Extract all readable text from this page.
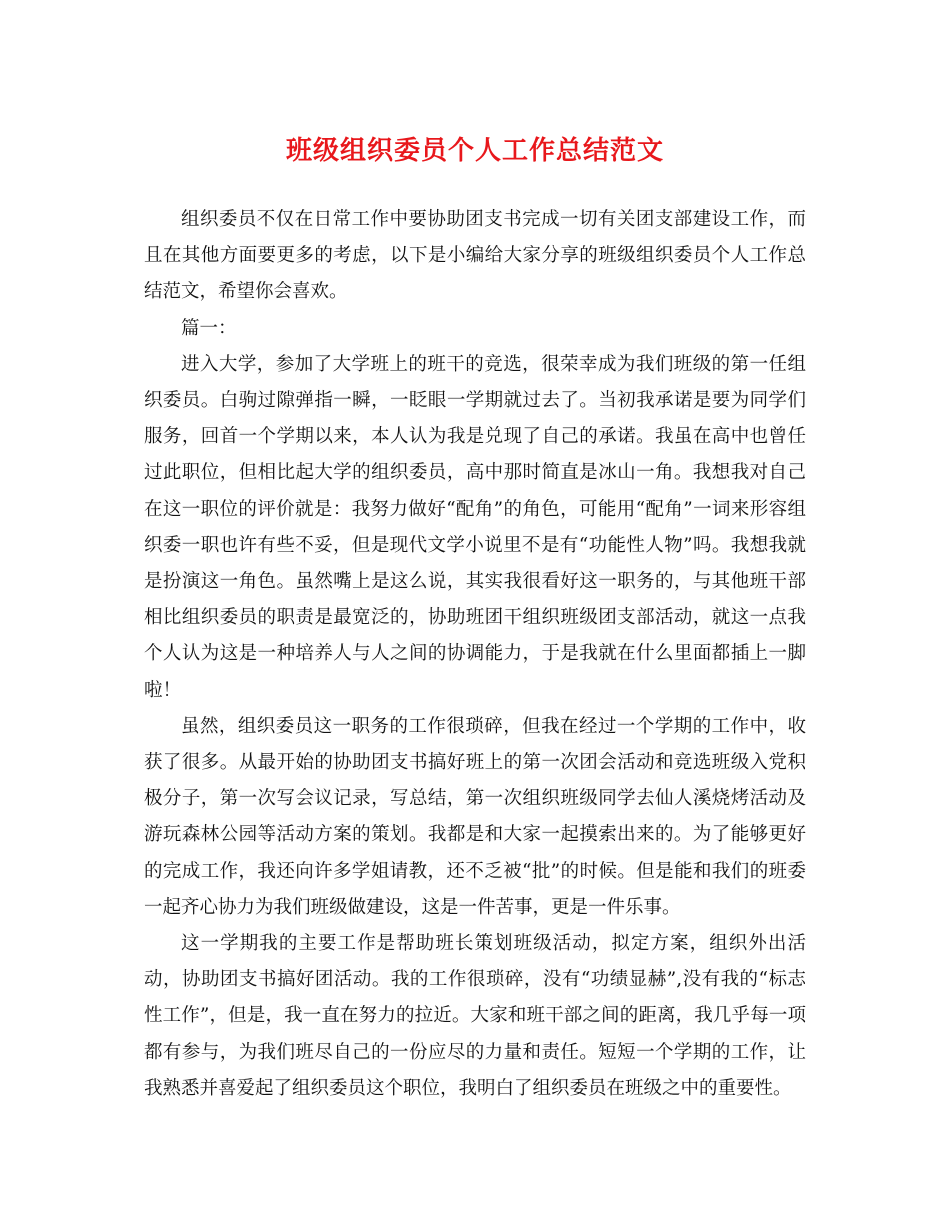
班级组织委员个人工作总结范文

组织委员不仅在日常工作中要协助团支书完成一切有关团支部建设工作，而且在其他方面要更多的考虑，以下是小编给大家分享的班级组织委员个人工作总结范文，希望你会喜欢。

篇一：

进入大学，参加了大学班上的班干的竞选，很荣幸成为我们班级的第一任组织委员。白驹过隙弹指一瞬，一眨眼一学期就过去了。当初我承诺是要为同学们服务，回首一个学期以来，本人认为我是兑现了自己的承诺。我虽在高中也曾任过此职位，但相比起大学的组织委员，高中那时简直是冰山一角。我想我对自己在这一职位的评价就是：我努力做好“配角”的角色，可能用“配角”一词来形容组织委一职也许有些不妥，但是现代文学小说里不是有“功能性人物”吗。我想我就是扮演这一角色。虽然嘴上是这么说，其实我很看好这一职务的，与其他班干部相比组织委员的职责是最宽泛的，协助班团干组织班级团支部活动，就这一点我个人认为这是一种培养人与人之间的协调能力，于是我就在什么里面都插上一脚啦！

虽然，组织委员这一职务的工作很琐碎，但我在经过一个学期的工作中，收获了很多。从最开始的协助团支书搞好班上的第一次团会活动和竞选班级入党积极分子，第一次写会议记录，写总结，第一次组织班级同学去仙人溪烧烤活动及游玩森林公园等活动方案的策划。我都是和大家一起摸索出来的。为了能够更好的完成工作，我还向许多学姐请教，还不乏被“批”的时候。但是能和我们的班委一起齐心协力为我们班级做建设，这是一件苦事，更是一件乐事。

这一学期我的主要工作是帮助班长策划班级活动，拟定方案，组织外出活动，协助团支书搞好团活动。我的工作很琐碎，没有“功绩显赫”,没有我的“标志性工作”，但是，我一直在努力的拉近。大家和班干部之间的距离，我几乎每一项都有参与，为我们班尽自己的一份应尽的力量和责任。短短一个学期的工作，让我熟悉并喜爱起了组织委员这个职位，我明白了组织委员在班级之中的重要性。
